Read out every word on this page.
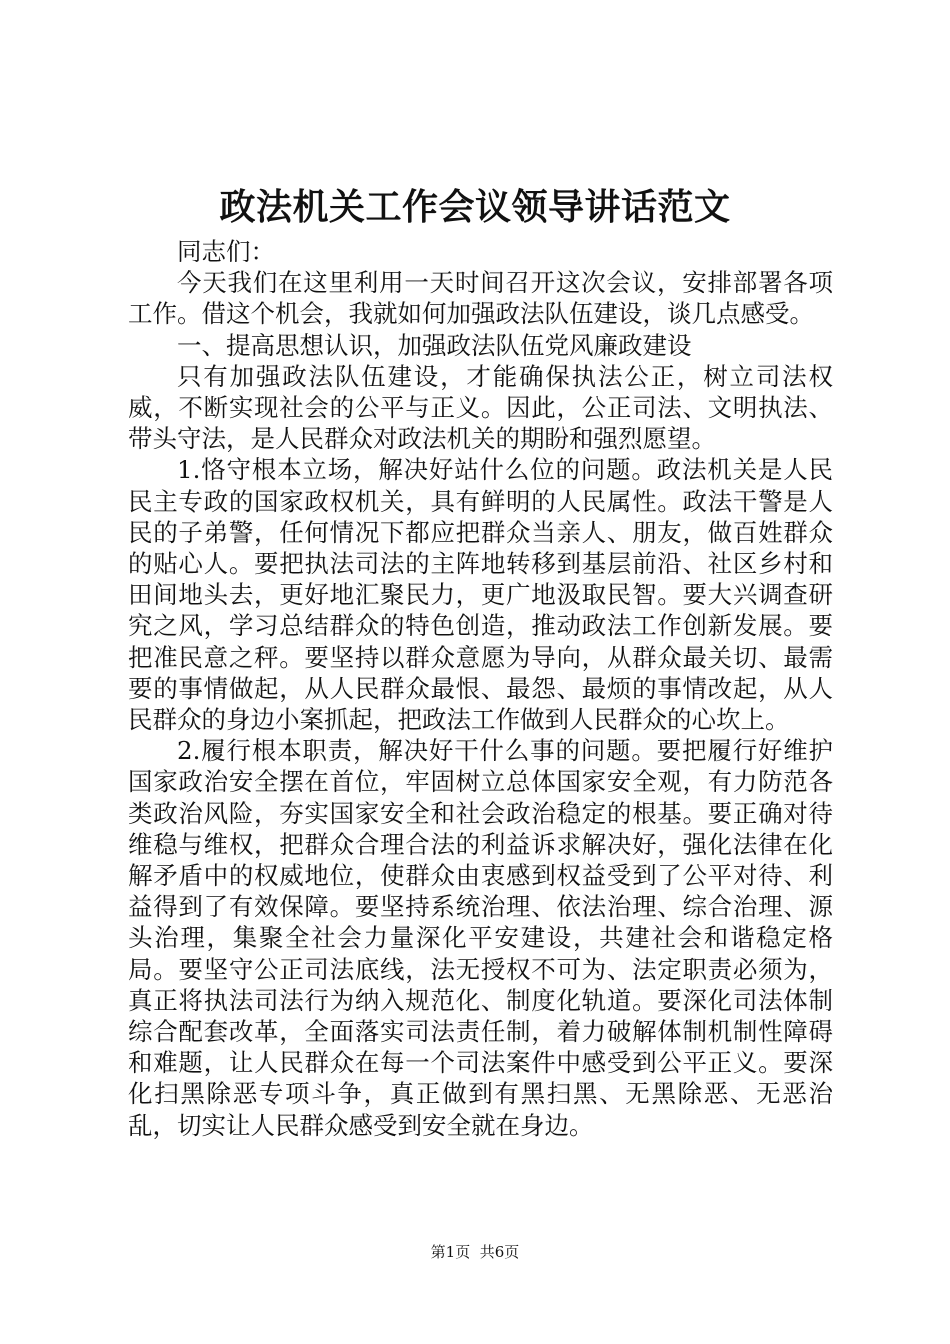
政法机关工作会议领导讲话范文

同志们：

今天我们在这里利用一天时间召开这次会议，安排部署各项工作。借这个机会，我就如何加强政法队伍建设，谈几点感受。

一、提高思想认识，加强政法队伍党风廉政建设

只有加强政法队伍建设，才能确保执法公正，树立司法权威，不断实现社会的公平与正义。因此，公正司法、文明执法、带头守法，是人民群众对政法机关的期盼和强烈愿望。

1.恪守根本立场，解决好站什么位的问题。政法机关是人民民主专政的国家政权机关，具有鲜明的人民属性。政法干警是人民的子弟警，任何情况下都应把群众当亲人、朋友，做百姓群众的贴心人。要把执法司法的主阵地转移到基层前沿、社区乡村和田间地头去，更好地汇聚民力，更广地汲取民智。要大兴调查研究之风，学习总结群众的特色创造，推动政法工作创新发展。要把准民意之秤。要坚持以群众意愿为导向，从群众最关切、最需要的事情做起，从人民群众最恨、最怨、最烦的事情改起，从人民群众的身边小案抓起，把政法工作做到人民群众的心坎上。

2.履行根本职责，解决好干什么事的问题。要把履行好维护国家政治安全摆在首位，牢固树立总体国家安全观，有力防范各类政治风险，夯实国家安全和社会政治稳定的根基。要正确对待维稳与维权，把群众合理合法的利益诉求解决好，强化法律在化解矛盾中的权威地位，使群众由衷感到权益受到了公平对待、利益得到了有效保障。要坚持系统治理、依法治理、综合治理、源头治理，集聚全社会力量深化平安建设，共建社会和谐稳定格局。要坚守公正司法底线，法无授权不可为、法定职责必须为，真正将执法司法行为纳入规范化、制度化轨道。要深化司法体制综合配套改革，全面落实司法责任制，着力破解体制机制性障碍和难题，让人民群众在每一个司法案件中感受到公平正义。要深化扫黑除恶专项斗争，真正做到有黑扫黑、无黑除恶、无恶治乱，切实让人民群众感受到安全就在身边。

第1页 共6页
